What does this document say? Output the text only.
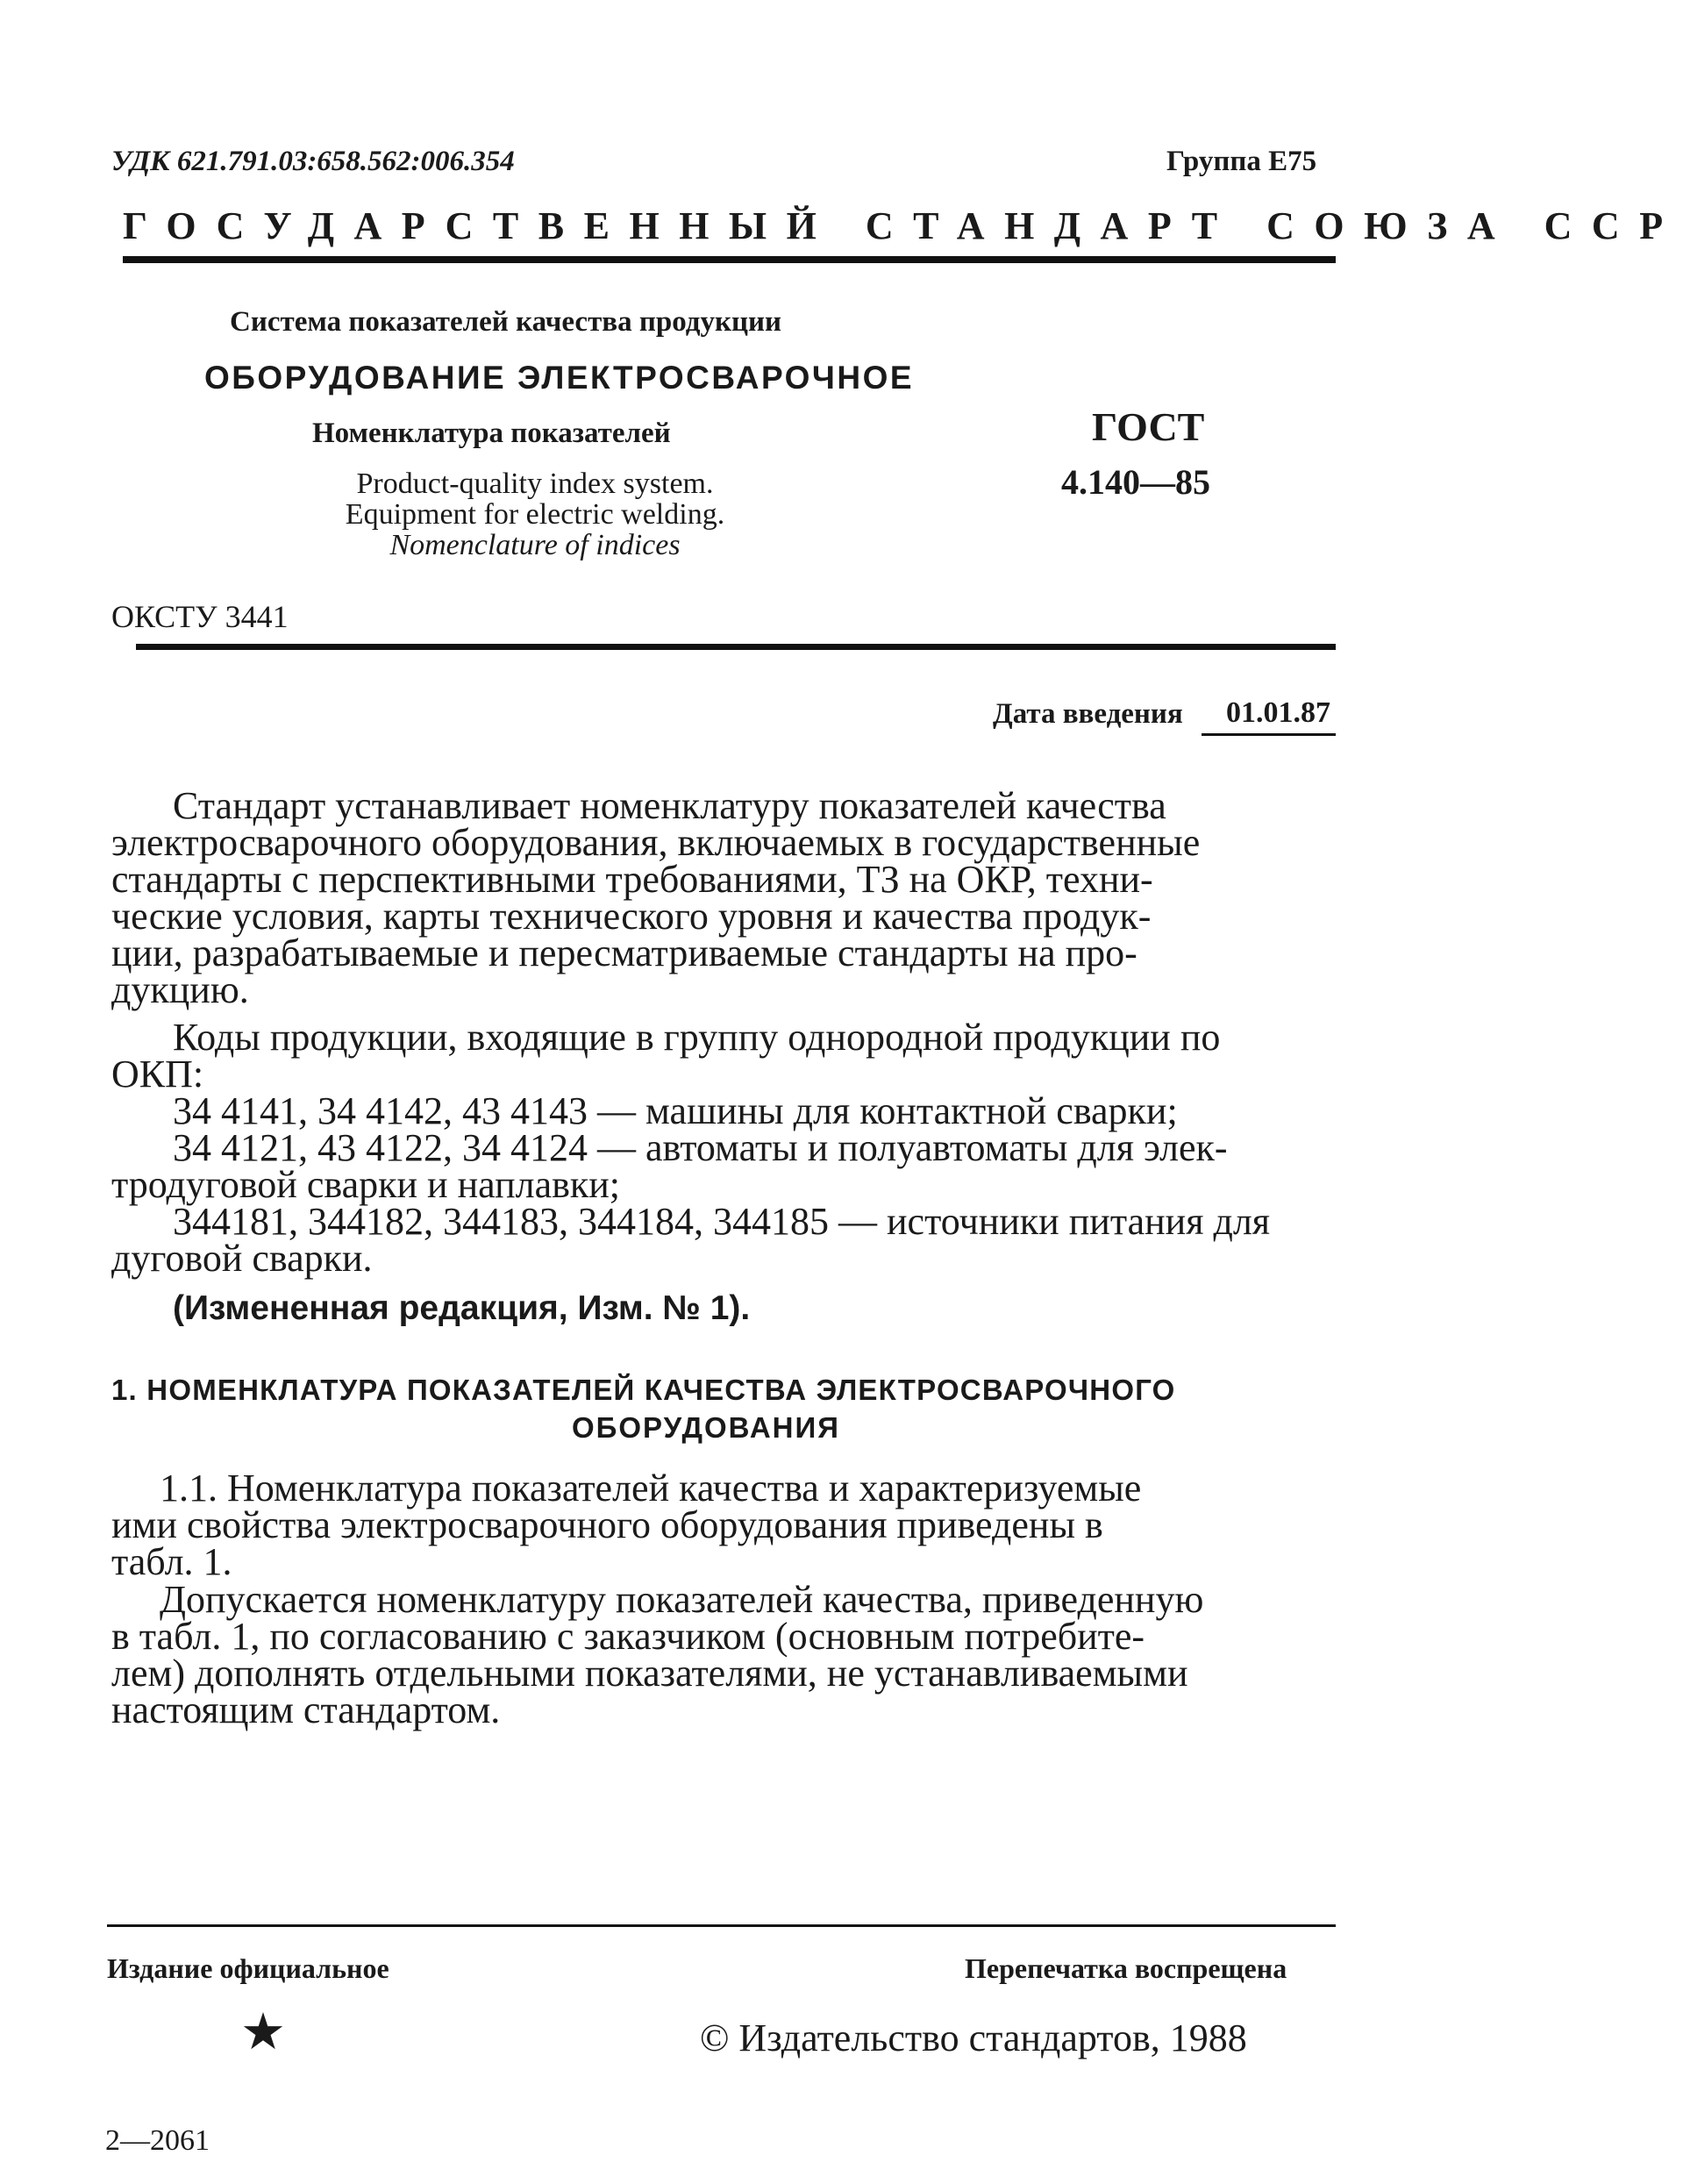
УДК 621.791.03:658.562:006.354	Группа Е75
ГОСУДАРСТВЕННЫЙ СТАНДАРТ СОЮЗА ССР
Система показателей качества продукции
ОБОРУДОВАНИЕ ЭЛЕКТРОСВАРОЧНОЕ
Номенклатура показателей
Product-quality index system.
Equipment for electric welding.
Nomenclature of indices
ГОСТ
4.140—85
ОКСТУ 3441
Дата введения 01.01.87
Стандарт устанавливает номенклатуру показателей качества
электросварочного оборудования, включаемых в государственные
стандарты с перспективными требованиями, ТЗ на ОКР, техни-
ческие условия, карты технического уровня и качества продук-
ции, разрабатываемые и пересматриваемые стандарты на про-
дукцию.
Коды продукции, входящие в группу однородной продукции по
ОКП:
34 4141, 34 4142, 43 4143 — машины для контактной сварки;
34 4121, 43 4122, 34 4124 — автоматы и полуавтоматы для элек-
тродуговой сварки и наплавки;
344181, 344182, 344183, 344184, 344185 — источники питания для
дуговой сварки.
(Измененная редакция, Изм. № 1).
1. НОМЕНКЛАТУРА ПОКАЗАТЕЛЕЙ КАЧЕСТВА ЭЛЕКТРОСВАРОЧНОГО
ОБОРУДОВАНИЯ
1.1. Номенклатура показателей качества и характеризуемые
ими свойства электросварочного оборудования приведены в
табл. 1.
Допускается номенклатуру показателей качества, приведенную
в табл. 1, по согласованию с заказчиком (основным потребите-
лем) дополнять отдельными показателями, не устанавливаемыми
настоящим стандартом.
Издание официальное	Перепечатка воспрещена
★	© Издательство стандартов, 1988
2—2061
